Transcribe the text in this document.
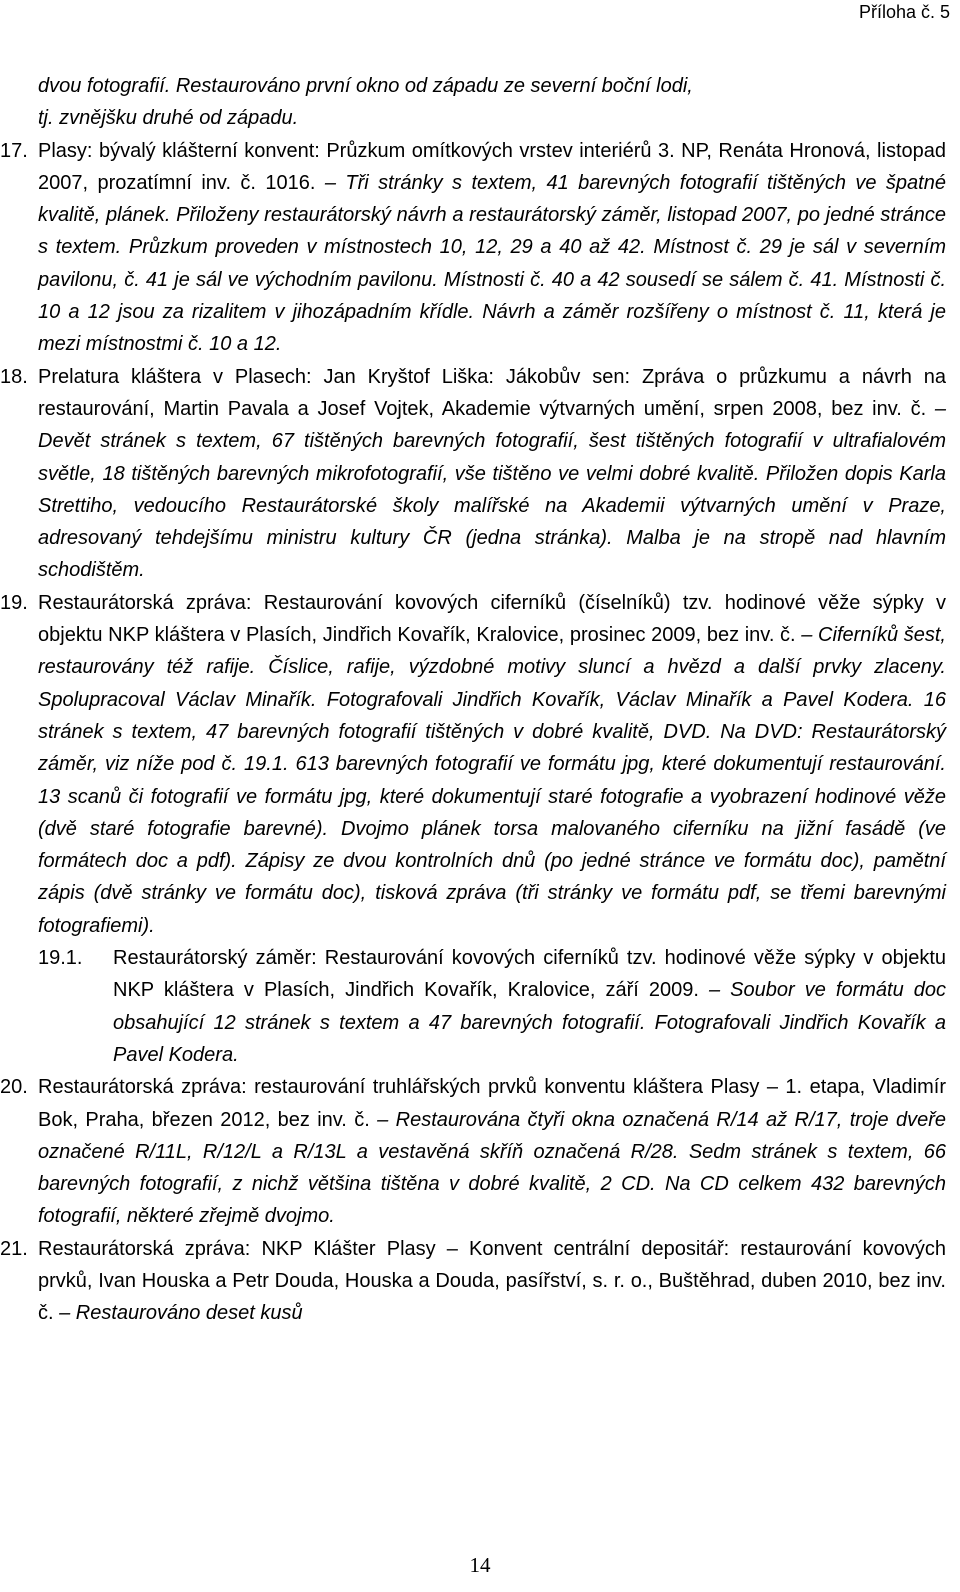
Příloha č. 5
dvou fotografií. Restaurováno první okno od západu ze severní boční lodi,
tj. zvnějšku druhé od západu.
17. Plasy: bývalý klášterní konvent: Průzkum omítkových vrstev interiérů 3. NP, Renáta Hronová, listopad 2007, prozatímní inv. č. 1016. – Tři stránky s textem, 41 barevných fotografií tištěných ve špatné kvalitě, plánek. Přiloženy restaurátorský návrh a restaurátorský záměr, listopad 2007, po jedné stránce s textem. Průzkum proveden v místnostech 10, 12, 29 a 40 až 42. Místnost č. 29 je sál v severním pavilonu, č. 41 je sál ve východním pavilonu. Místnosti č. 40 a 42 sousedí se sálem č. 41. Místnosti č. 10 a 12 jsou za rizalitem v jihozápadním křídle. Návrh a záměr rozšířeny o místnost č. 11, která je mezi místnostmi č. 10 a 12.
18. Prelatura kláštera v Plasech: Jan Kryštof Liška: Jákobův sen: Zpráva o průzkumu a návrh na restaurování, Martin Pavala a Josef Vojtek, Akademie výtvarných umění, srpen 2008, bez inv. č. – Devět stránek s textem, 67 tištěných barevných fotografií, šest tištěných fotografií v ultrafialovém světle, 18 tištěných barevných mikrofotografií, vše tištěno ve velmi dobré kvalitě. Přiložen dopis Karla Strettiho, vedoucího Restaurátorské školy malířské na Akademii výtvarných umění v Praze, adresovaný tehdejšímu ministru kultury ČR (jedna stránka). Malba je na stropě nad hlavním schodištěm.
19. Restaurátorská zpráva: Restaurování kovových ciferníků (číselníků) tzv. hodinové věže sýpky v objektu NKP kláštera v Plasích, Jindřich Kovařík, Kralovice, prosinec 2009, bez inv. č. – Ciferníků šest, restaurovány též rafije. Číslice, rafije, výzdobné motivy sluncí a hvězd a další prvky zlaceny. Spolupracoval Václav Minařík. Fotografovali Jindřich Kovařík, Václav Minařík a Pavel Kodera. 16 stránek s textem, 47 barevných fotografií tištěných v dobré kvalitě, DVD. Na DVD: Restaurátorský záměr, viz níže pod č. 19.1. 613 barevných fotografií ve formátu jpg, které dokumentují restaurování. 13 scanů či fotografií ve formátu jpg, které dokumentují staré fotografie a vyobrazení hodinové věže (dvě staré fotografie barevné). Dvojmo plánek torsa malovaného ciferníku na jižní fasádě (ve formátech doc a pdf). Zápisy ze dvou kontrolních dnů (po jedné stránce ve formátu doc), pamětní zápis (dvě stránky ve formátu doc), tisková zpráva (tři stránky ve formátu pdf, se třemi barevnými fotografiemi).
19.1. Restaurátorský záměr: Restaurování kovových ciferníků tzv. hodinové věže sýpky v objektu NKP kláštera v Plasích, Jindřich Kovařík, Kralovice, září 2009. – Soubor ve formátu doc obsahující 12 stránek s textem a 47 barevných fotografií. Fotografovali Jindřich Kovařík a Pavel Kodera.
20. Restaurátorská zpráva: restaurování truhlářských prvků konventu kláštera Plasy – 1. etapa, Vladimír Bok, Praha, březen 2012, bez inv. č. – Restaurována čtyři okna označená R/14 až R/17, troje dveře označené R/11L, R/12/L a R/13L a vestavěná skříň označená R/28. Sedm stránek s textem, 66 barevných fotografií, z nichž většina tištěna v dobré kvalitě, 2 CD. Na CD celkem 432 barevných fotografií, některé zřejmě dvojmo.
21. Restaurátorská zpráva: NKP Klášter Plasy – Konvent centrální depositář: restaurování kovových prvků, Ivan Houska a Petr Douda, Houska a Douda, pasířství, s. r. o., Buštěhrad, duben 2010, bez inv. č. – Restaurováno deset kusů
14
